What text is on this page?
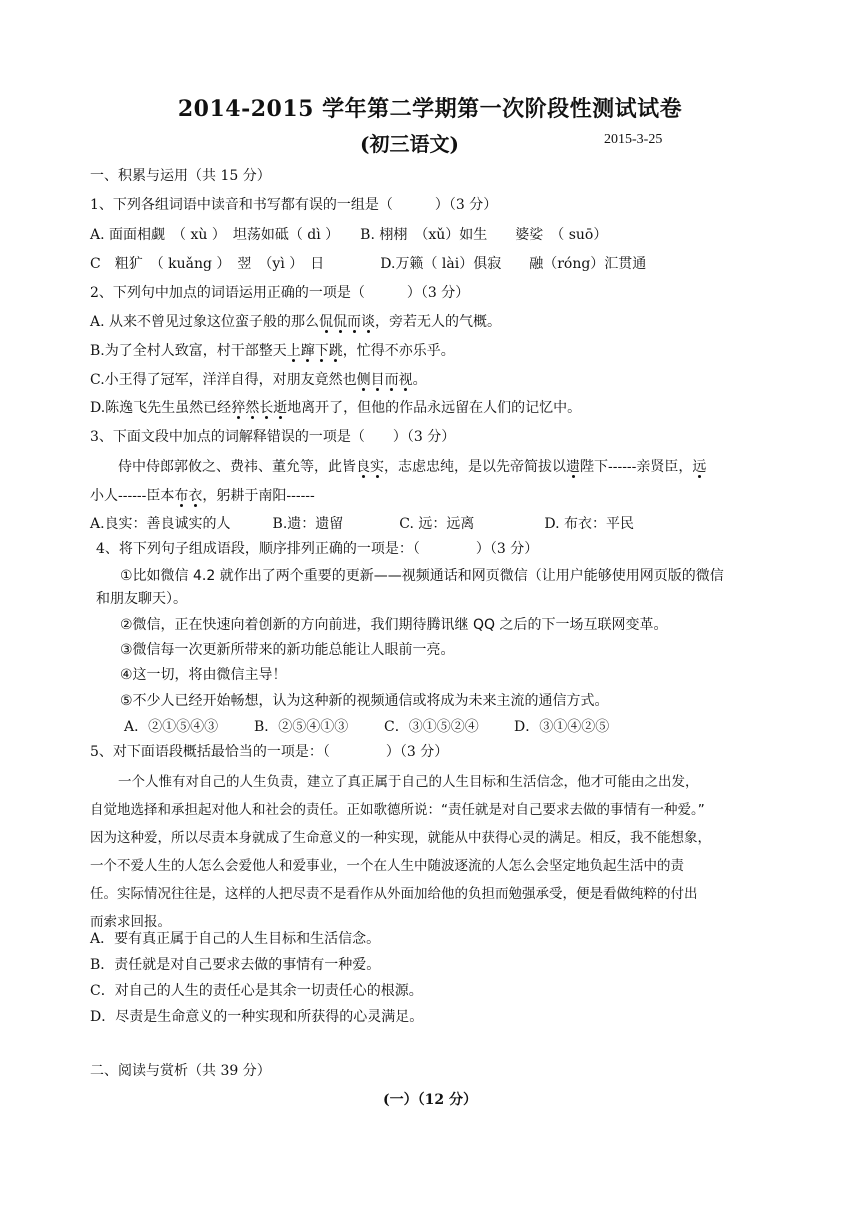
2014-2015 学年第二学期第一次阶段性测试试卷
(初三语文)	2015-3-25
一、积累与运用（共 15 分）
1、下列各组词语中读音和书写都有误的一组是（　　　）（3 分）
A. 面面相觑　（ xù ）　坦荡如砥（ dì ）　　B. 栩栩　（xǔ）如生　　婆娑　（ suō）
C　粗犷　（ kuǎng ）　翌　（yì ）　日　　　　D.万籁（ lài）俱寂　　融（róng）汇贯通
2、下列句中加点的词语运用正确的一项是（　　　）（3 分）
A. 从来不曾见过象这位蛮子般的那么侃侃而谈，旁若无人的气概。
B.为了全村人致富，村干部整天上蹿下跳，忙得不亦乐乎。
C.小王得了冠军，洋洋自得，对朋友竟然也侧目而视。
D.陈逸飞先生虽然已经猝然长逝地离开了，但他的作品永远留在人们的记忆中。
3、下面文段中加点的词解释错误的一项是（　　）（3 分）
侍中侍郎郭攸之、费祎、董允等，此皆良实，志虑忠纯，是以先帝简拔以遗陛下------亲贤臣，远
小人------臣本布衣，躬耕于南阳------
A.良实：善良诚实的人　　　B.遗：遗留　　　　C. 远：远离　　　　　D. 布衣：平民
4、将下列句子组成语段，顺序排列正确的一项是：（　　　　）（3 分）
①比如微信 4.2 就作出了两个重要的更新——视频通话和网页微信（让用户能够使用网页版的微信
和朋友聊天）。
②微信，正在快速向着创新的方向前进，我们期待腾讯继 QQ 之后的下一场互联网变革。
③微信每一次更新所带来的新功能总能让人眼前一亮。
④这一切，将由微信主导！
⑤不少人已经开始畅想，认为这种新的视频通信或将成为未来主流的通信方式。
A．②①⑤④③	B．②⑤④①③	C．③①⑤②④	D．③①④②⑤
5、对下面语段概括最恰当的一项是：（　　　　）（3 分）
一个人惟有对自己的人生负责，建立了真正属于自己的人生目标和生活信念，他才可能由之出发，
自觉地选择和承担起对他人和社会的责任。正如歌德所说：“责任就是对自己要求去做的事情有一种爱。”
因为这种爱，所以尽责本身就成了生命意义的一种实现，就能从中获得心灵的满足。相反，我不能想象，
一个不爱人生的人怎么会爱他人和爱事业，一个在人生中随波逐流的人怎么会坚定地负起生活中的责
任。实际情况往往是，这样的人把尽责不是看作从外面加给他的负担而勉强承受，便是看做纯粹的付出
而索求回报。
A．要有真正属于自己的人生目标和生活信念。
B．责任就是对自己要求去做的事情有一种爱。
C．对自己的人生的责任心是其余一切责任心的根源。
D．尽责是生命意义的一种实现和所获得的心灵满足。
二、阅读与赏析（共 39 分）
(一）（12 分）
